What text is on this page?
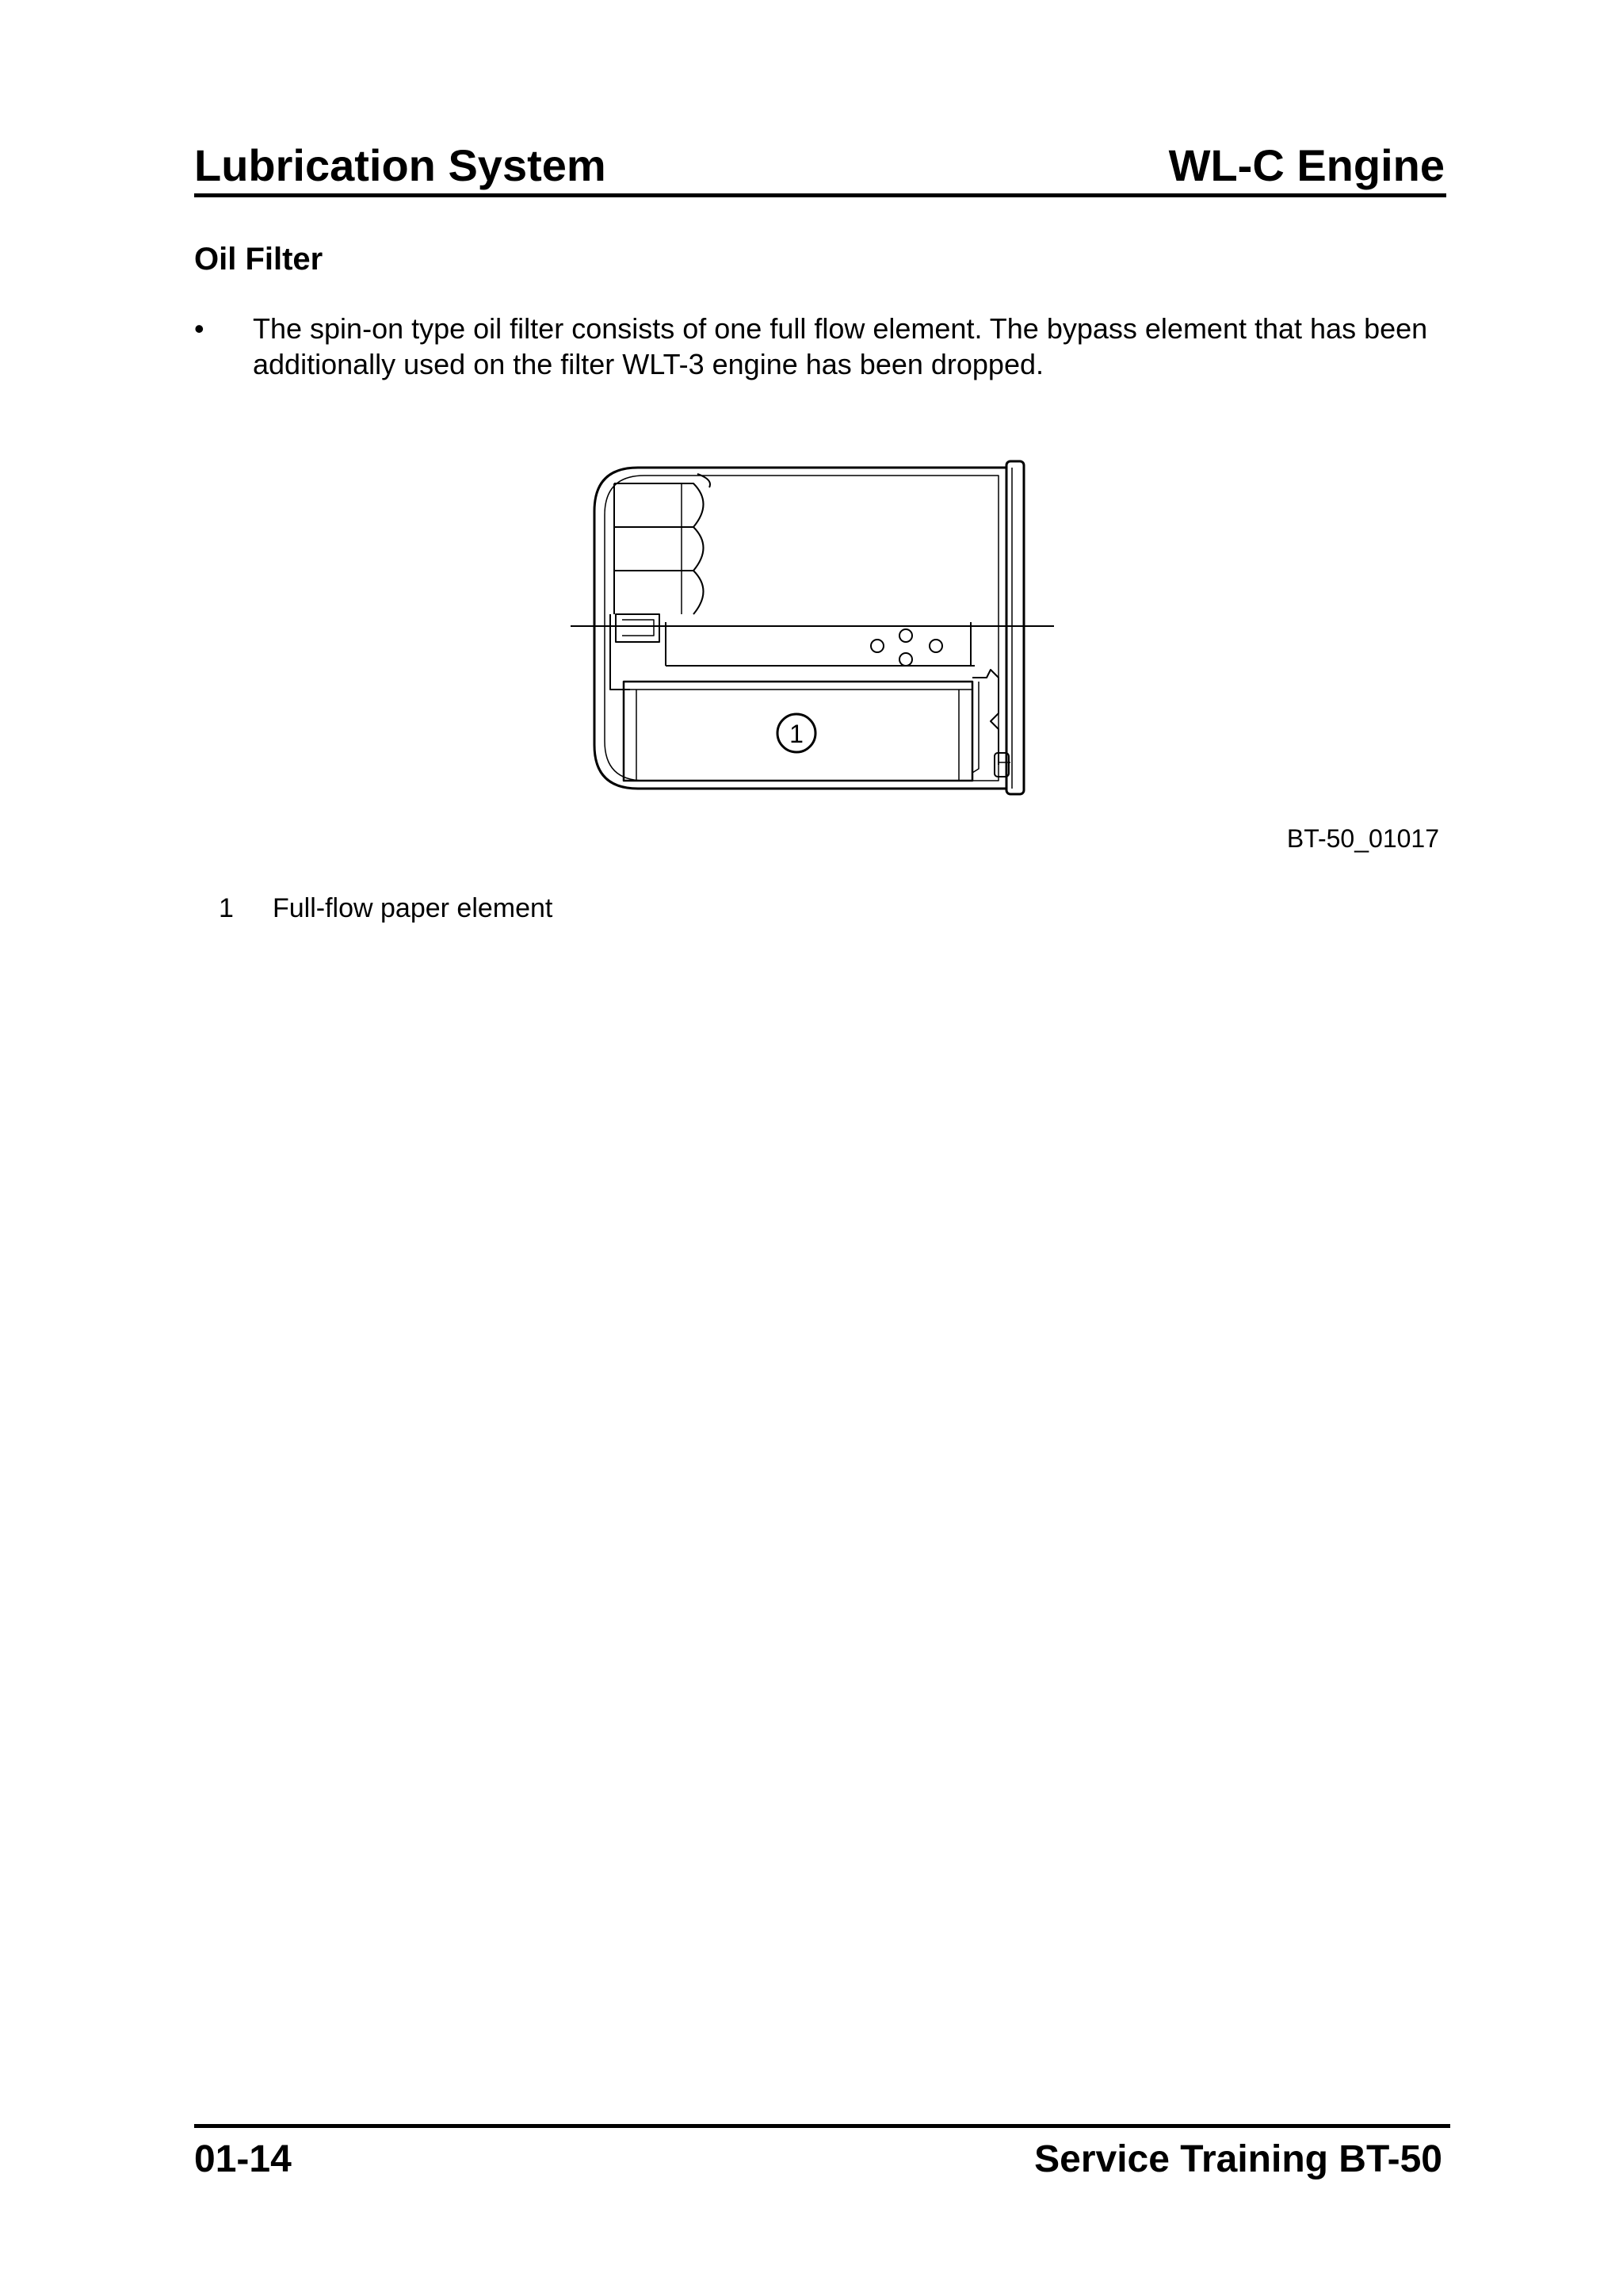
Lubrication System	WL-C Engine
Oil Filter
• The spin-on type oil filter consists of one full flow element. The bypass element that has been additionally used on the filter WLT-3 engine has been dropped.
1
BT-50_01017
1 Full-flow paper element
01-14	Service Training BT-50
